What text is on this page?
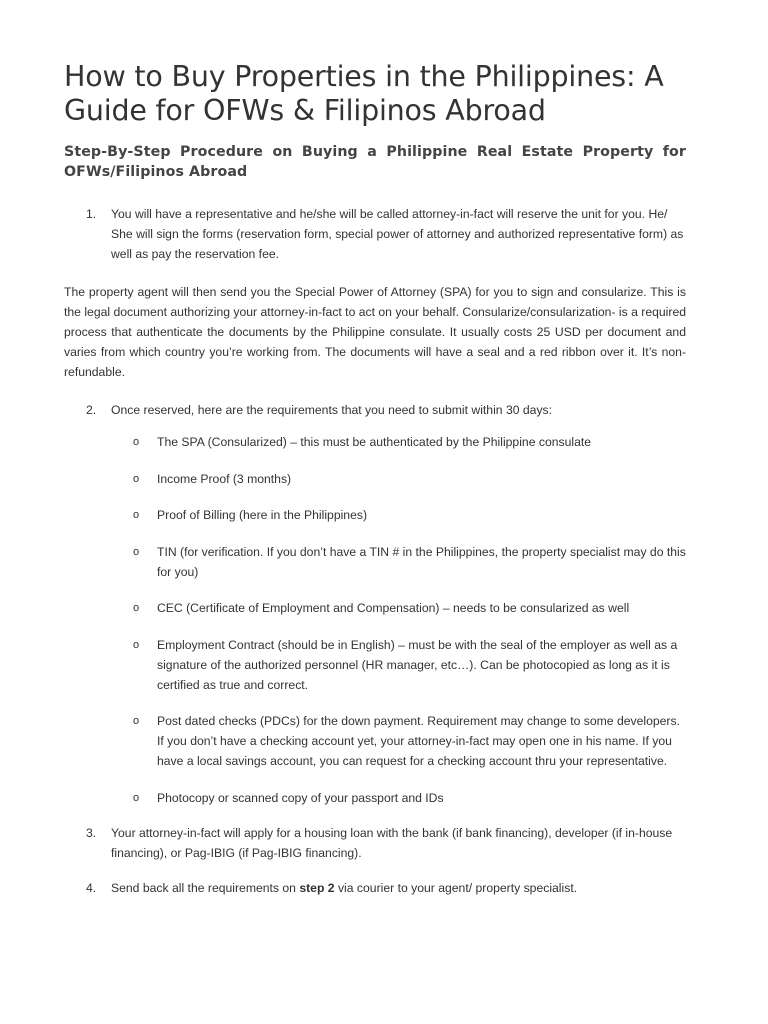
How to Buy Properties in the Philippines: A Guide for OFWs & Filipinos Abroad
Step-By-Step Procedure on Buying a Philippine Real Estate Property for OFWs/Filipinos Abroad
1. You will have a representative and he/she will be called attorney-in-fact will reserve the unit for you. He/ She will sign the forms (reservation form, special power of attorney and authorized representative form) as well as pay the reservation fee.

The property agent will then send you the Special Power of Attorney (SPA) for you to sign and consularize. This is the legal document authorizing your attorney-in-fact to act on your behalf. Consularize/consularization- is a required process that authenticate the documents by the Philippine consulate. It usually costs 25 USD per document and varies from which country you’re working from. The documents will have a seal and a red ribbon over it. It’s non-refundable.

2. Once reserved, here are the requirements that you need to submit within 30 days:
o The SPA (Consularized) – this must be authenticated by the Philippine consulate
o Income Proof (3 months)
o Proof of Billing (here in the Philippines)
o TIN (for verification. If you don’t have a TIN # in the Philippines, the property specialist may do this for you)
o CEC (Certificate of Employment and Compensation) – needs to be consularized as well
o Employment Contract (should be in English) – must be with the seal of the employer as well as a signature of the authorized personnel (HR manager, etc…). Can be photocopied as long as it is certified as true and correct.
o Post dated checks (PDCs) for the down payment. Requirement may change to some developers. If you don’t have a checking account yet, your attorney-in-fact may open one in his name. If you have a local savings account, you can request for a checking account thru your representative.
o Photocopy or scanned copy of your passport and IDs
3. Your attorney-in-fact will apply for a housing loan with the bank (if bank financing), developer (if in-house financing), or Pag-IBIG (if Pag-IBIG financing).
4. Send back all the requirements on step 2 via courier to your agent/ property specialist.
